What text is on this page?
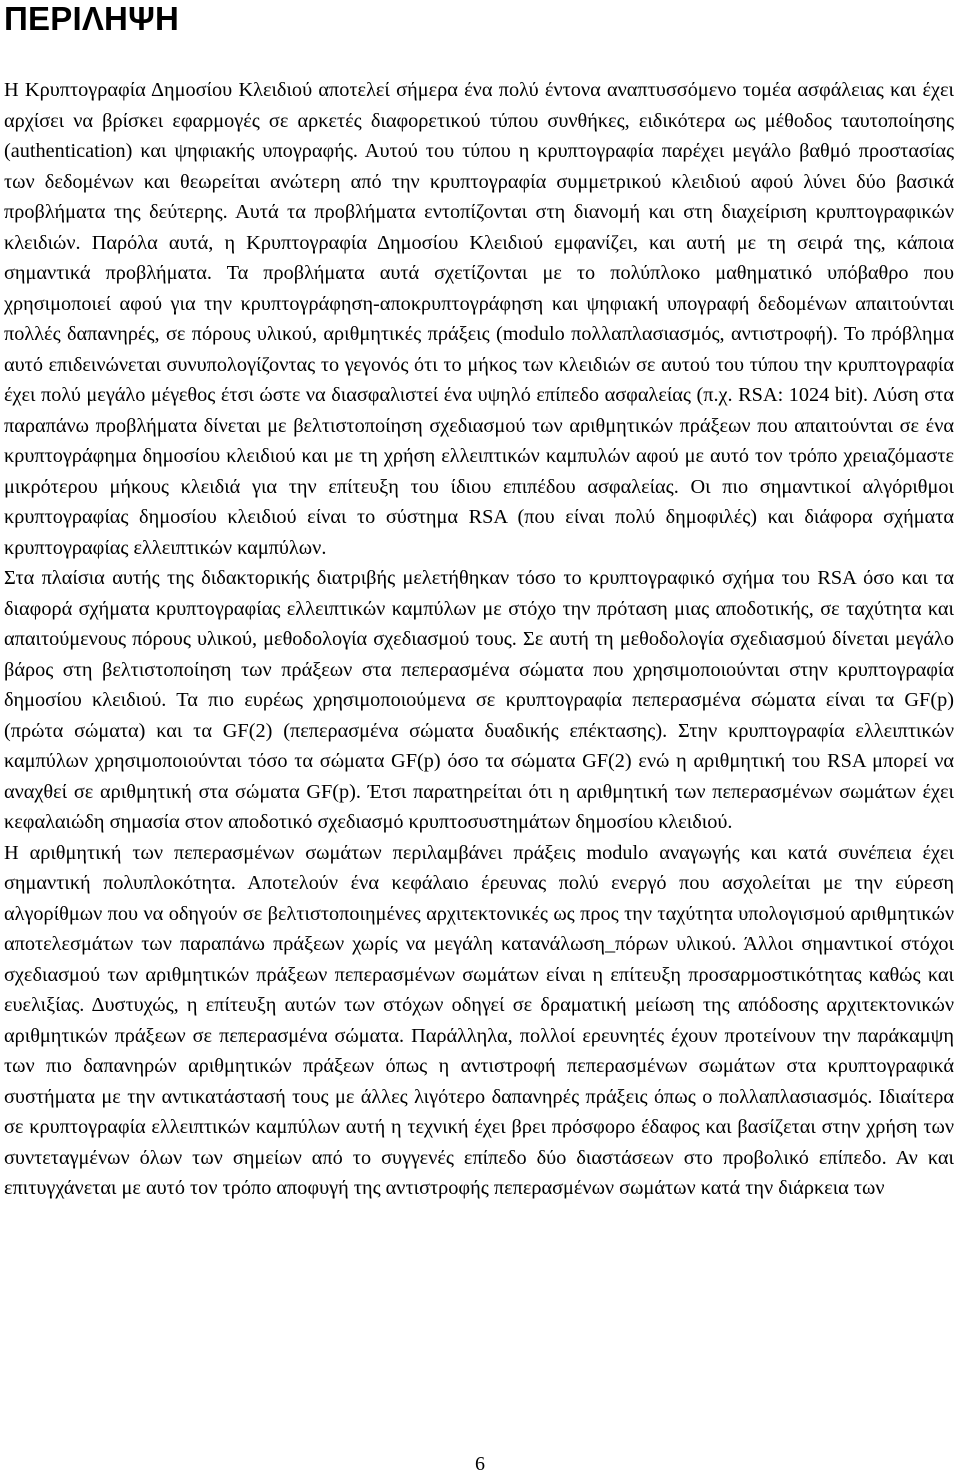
ΠΕΡΙΛΗΨΗ

Η Κρυπτογραφία Δημοσίου Κλειδιού αποτελεί σήμερα ένα πολύ έντονα αναπτυσσόμενο τομέα ασφάλειας και έχει αρχίσει να βρίσκει εφαρμογές σε αρκετές διαφορετικού τύπου συνθήκες, ειδικότερα ως μέθοδος ταυτοποίησης (authentication) και ψηφιακής υπογραφής. Αυτού του τύπου η κρυπτογραφία παρέχει μεγάλο βαθμό προστασίας των δεδομένων και θεωρείται ανώτερη από την κρυπτογραφία συμμετρικού κλειδιού αφού λύνει δύο βασικά προβλήματα της δεύτερης. Αυτά τα προβλήματα εντοπίζονται στη διανομή και στη διαχείριση κρυπτογραφικών κλειδιών. Παρόλα αυτά, η Κρυπτογραφία Δημοσίου Κλειδιού εμφανίζει, και αυτή με τη σειρά της, κάποια σημαντικά προβλήματα. Τα προβλήματα αυτά σχετίζονται με το πολύπλοκο μαθηματικό υπόβαθρο που χρησιμοποιεί αφού για την κρυπτογράφηση-αποκρυπτογράφηση και ψηφιακή υπογραφή δεδομένων απαιτούνται πολλές δαπανηρές, σε πόρους υλικού, αριθμητικές πράξεις (modulo πολλαπλασιασμός, αντιστροφή). Το πρόβλημα αυτό επιδεινώνεται συνυπολογίζοντας το γεγονός ότι το μήκος των κλειδιών σε αυτού του τύπου την κρυπτογραφία έχει πολύ μεγάλο μέγεθος έτσι ώστε να διασφαλιστεί ένα υψηλό επίπεδο ασφαλείας (π.χ. RSA: 1024 bit). Λύση στα παραπάνω προβλήματα δίνεται με βελτιστοποίηση σχεδιασμού των αριθμητικών πράξεων που απαιτούνται σε ένα κρυπτογράφημα δημοσίου κλειδιού και με τη χρήση ελλειπτικών καμπυλών αφού με αυτό τον τρόπο χρειαζόμαστε μικρότερου μήκους κλειδιά για την επίτευξη του ίδιου επιπέδου ασφαλείας. Οι πιο σημαντικοί αλγόριθμοι κρυπτογραφίας δημοσίου κλειδιού είναι το σύστημα RSA (που είναι πολύ δημοφιλές) και διάφορα σχήματα κρυπτογραφίας ελλειπτικών καμπύλων.

Στα πλαίσια αυτής της διδακτορικής διατριβής μελετήθηκαν τόσο το κρυπτογραφικό σχήμα του RSA όσο και τα διαφορά σχήματα κρυπτογραφίας ελλειπτικών καμπύλων με στόχο την πρόταση μιας αποδοτικής, σε ταχύτητα και απαιτούμενους πόρους υλικού, μεθοδολογία σχεδιασμού τους. Σε αυτή τη μεθοδολογία σχεδιασμού δίνεται μεγάλο βάρος στη βελτιστοποίηση των πράξεων στα πεπερασμένα σώματα που χρησιμοποιούνται στην κρυπτογραφία δημοσίου κλειδιού. Τα πιο ευρέως χρησιμοποιούμενα σε κρυπτογραφία πεπερασμένα σώματα είναι τα GF(p) (πρώτα σώματα) και τα GF(2) (πεπερασμένα σώματα δυαδικής επέκτασης). Στην κρυπτογραφία ελλειπτικών καμπύλων χρησιμοποιούνται τόσο τα σώματα GF(p) όσο τα σώματα GF(2) ενώ η αριθμητική του RSA μπορεί να αναχθεί σε αριθμητική στα σώματα GF(p). Έτσι παρατηρείται ότι η αριθμητική των πεπερασμένων σωμάτων έχει κεφαλαιώδη σημασία στον αποδοτικό σχεδιασμό κρυπτοσυστημάτων δημοσίου κλειδιού.

Η αριθμητική των πεπερασμένων σωμάτων περιλαμβάνει πράξεις modulo αναγωγής και κατά συνέπεια έχει σημαντική πολυπλοκότητα. Αποτελούν ένα κεφάλαιο έρευνας πολύ ενεργό που ασχολείται με την εύρεση αλγορίθμων που να οδηγούν σε βελτιστοποιημένες αρχιτεκτονικές ως προς την ταχύτητα υπολογισμού αριθμητικών αποτελεσμάτων των παραπάνω πράξεων χωρίς να μεγάλη κατανάλωση_πόρων υλικού. Άλλοι σημαντικοί στόχοι σχεδιασμού των αριθμητικών πράξεων πεπερασμένων σωμάτων είναι η επίτευξη προσαρμοστικότητας καθώς και ευελιξίας. Δυστυχώς, η επίτευξη αυτών των στόχων οδηγεί σε δραματική μείωση της απόδοσης αρχιτεκτονικών αριθμητικών πράξεων σε πεπερασμένα σώματα. Παράλληλα, πολλοί ερευνητές έχουν προτείνουν την παράκαμψη των πιο δαπανηρών αριθμητικών πράξεων όπως η αντιστροφή πεπερασμένων σωμάτων στα κρυπτογραφικά συστήματα με την αντικατάστασή τους με άλλες λιγότερο δαπανηρές πράξεις όπως ο πολλαπλασιασμός. Ιδιαίτερα σε κρυπτογραφία ελλειπτικών καμπύλων αυτή η τεχνική έχει βρει πρόσφορο έδαφος και βασίζεται στην χρήση των συντεταγμένων όλων των σημείων από το συγγενές επίπεδο δύο διαστάσεων στο προβολικό επίπεδο. Αν και επιτυγχάνεται με αυτό τον τρόπο αποφυγή της αντιστροφής πεπερασμένων σωμάτων κατά την διάρκεια των

6
